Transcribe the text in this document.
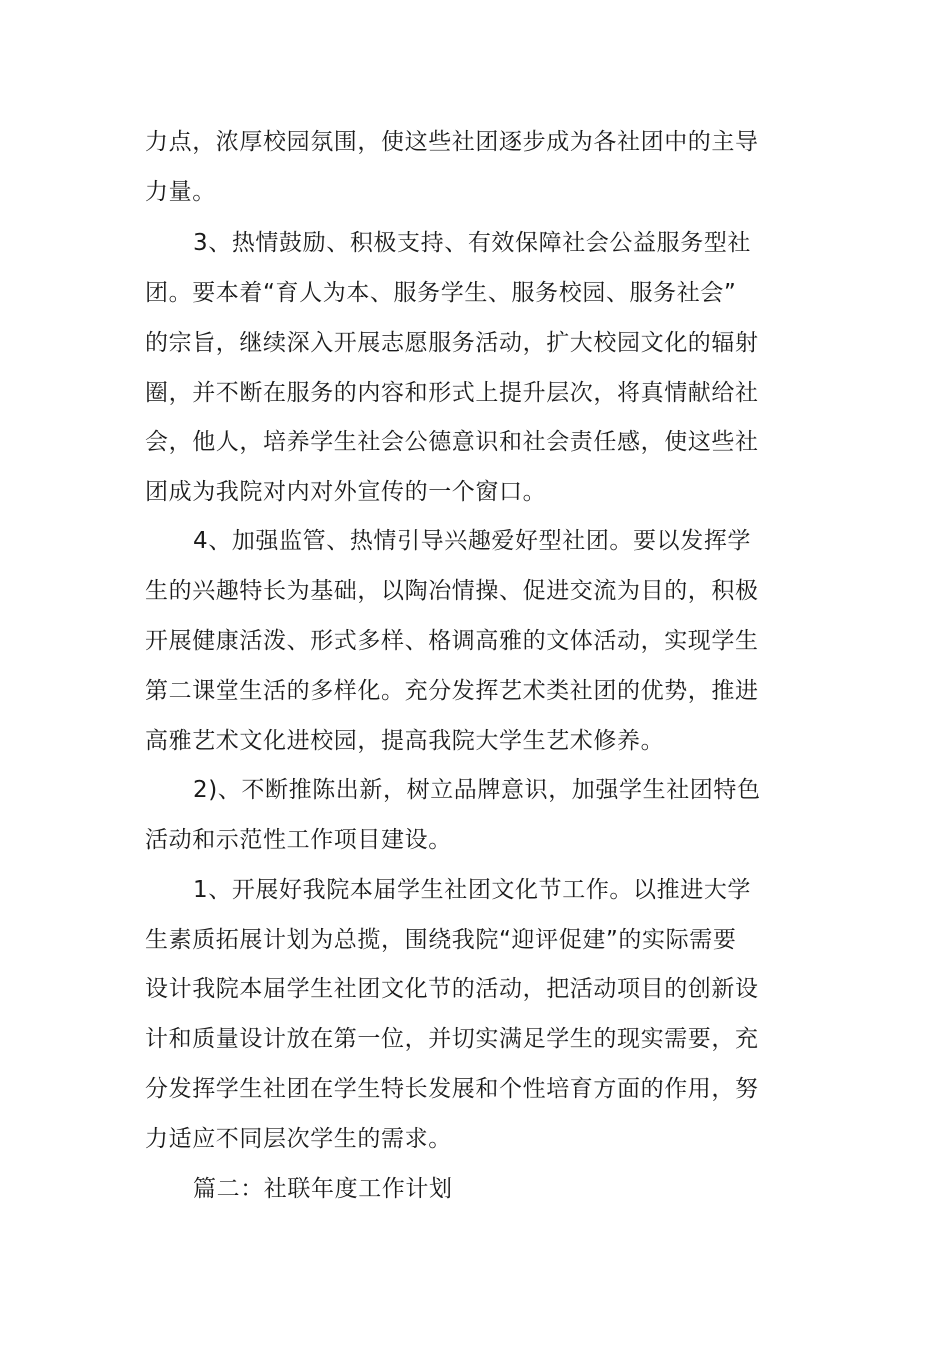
力点，浓厚校园氛围，使这些社团逐步成为各社团中的主导
力量。
3、热情鼓励、积极支持、有效保障社会公益服务型社
团。要本着“育人为本、服务学生、服务校园、服务社会”
的宗旨，继续深入开展志愿服务活动，扩大校园文化的辐射
圈，并不断在服务的内容和形式上提升层次，将真情献给社
会，他人，培养学生社会公德意识和社会责任感，使这些社
团成为我院对内对外宣传的一个窗口。
4、加强监管、热情引导兴趣爱好型社团。要以发挥学
生的兴趣特长为基础，以陶冶情操、促进交流为目的，积极
开展健康活泼、形式多样、格调高雅的文体活动，实现学生
第二课堂生活的多样化。充分发挥艺术类社团的优势，推进
高雅艺术文化进校园，提高我院大学生艺术修养。
2)、不断推陈出新，树立品牌意识，加强学生社团特色
活动和示范性工作项目建设。
1、开展好我院本届学生社团文化节工作。以推进大学
生素质拓展计划为总揽，围绕我院“迎评促建”的实际需要
设计我院本届学生社团文化节的活动，把活动项目的创新设
计和质量设计放在第一位，并切实满足学生的现实需要，充
分发挥学生社团在学生特长发展和个性培育方面的作用，努
力适应不同层次学生的需求。
篇二：社联年度工作计划
